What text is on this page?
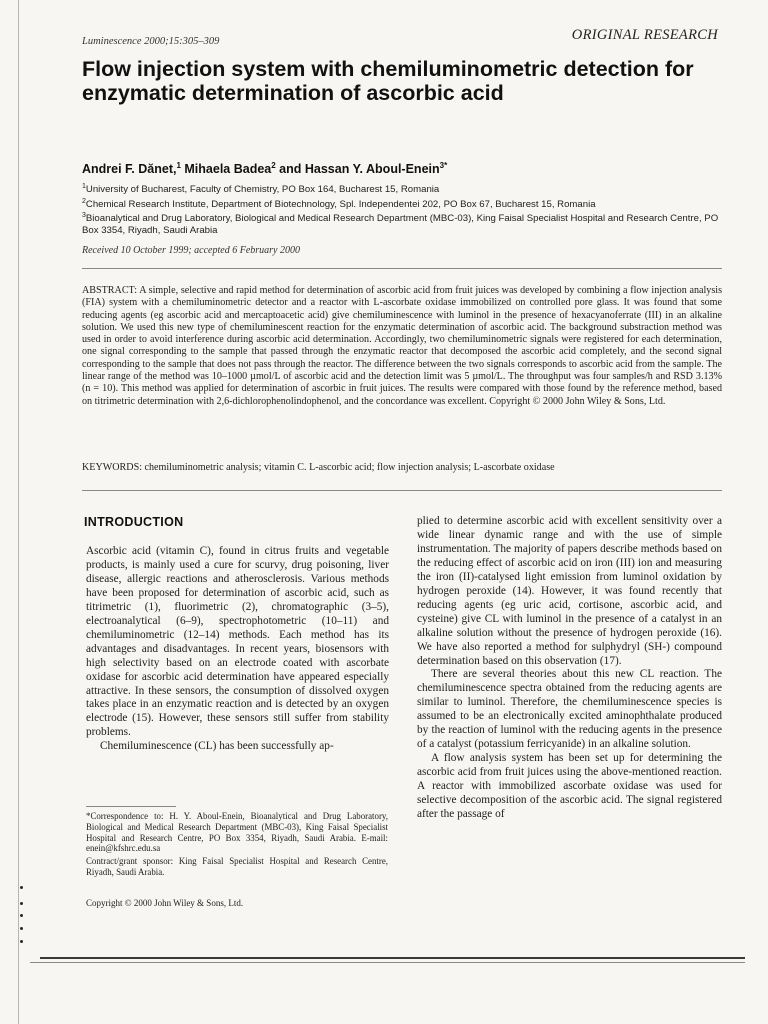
Luminescence 2000;15:305–309	ORIGINAL RESEARCH
Flow injection system with chemiluminometric detection for enzymatic determination of ascorbic acid
Andrei F. Dănet,$^1$ Mihaela Badea$^2$ and Hassan Y. Aboul-Enein$^{3*}$
$^1$University of Bucharest, Faculty of Chemistry, PO Box 164, Bucharest 15, Romania
$^2$Chemical Research Institute, Department of Biotechnology, Spl. Independentei 202, PO Box 67, Bucharest 15, Romania
$^3$Bioanalytical and Drug Laboratory, Biological and Medical Research Department (MBC-03), King Faisal Specialist Hospital and Research Centre, PO Box 3354, Riyadh, Saudi Arabia
Received 10 October 1999; accepted 6 February 2000

ABSTRACT: A simple, selective and rapid method for determination of ascorbic acid from fruit juices was developed by combining a flow injection analysis (FIA) system with a chemiluminometric detector and a reactor with L-ascorbate oxidase immobilized on controlled pore glass. It was found that some reducing agents (eg ascorbic acid and mercaptoacetic acid) give chemiluminescence with luminol in the presence of hexacyanoferrate (III) in an alkaline solution. We used this new type of chemiluminescent reaction for the enzymatic determination of ascorbic acid. The background substraction method was used in order to avoid interference during ascorbic acid determination. Accordingly, two chemiluminometric signals were registered for each determination, one signal corresponding to the sample that passed through the enzymatic reactor that decomposed the ascorbic acid completely, and the second signal corresponding to the sample that does not pass through the reactor. The difference between the two signals corresponds to ascorbic acid from the sample. The linear range of the method was 10–1000 µmol/L of ascorbic acid and the detection limit was 5 µmol/L. The throughput was four samples/h and RSD 3.13% (n = 10). This method was applied for determination of ascorbic in fruit juices. The results were compared with those found by the reference method, based on titrimetric determination with 2,6-dichlorophenolindophenol, and the concordance was excellent. Copyright © 2000 John Wiley & Sons, Ltd.

KEYWORDS: chemiluminometric analysis; vitamin C. L-ascorbic acid; flow injection analysis; L-ascorbate oxidase
INTRODUCTION

Ascorbic acid (vitamin C), found in citrus fruits and vegetable products, is mainly used a cure for scurvy, drug poisoning, liver disease, allergic reactions and atherosclerosis. Various methods have been proposed for determination of ascorbic acid, such as titrimetric (1), fluorimetric (2), chromatographic (3–5), electroanalytical (6–9), spectrophotometric (10–11) and chemiluminometric (12–14) methods. Each method has its advantages and disadvantages. In recent years, biosensors with high selectivity based on an electrode coated with ascorbate oxidase for ascorbic acid determination have appeared especially attractive. In these sensors, the consumption of dissolved oxygen takes place in an enzymatic reaction and is detected by an oxygen electrode (15). However, these sensors still suffer from stability problems.

Chemiluminescence (CL) has been successfully ap-

plied to determine ascorbic acid with excellent sensitivity over a wide linear dynamic range and with the use of simple instrumentation. The majority of papers describe methods based on the reducing effect of ascorbic acid on iron (III) ion and measuring the iron (II)-catalysed light emission from luminol oxidation by hydrogen peroxide (14). However, it was found recently that reducing agents (eg uric acid, cortisone, ascorbic acid, and cysteine) give CL with luminol in the presence of a catalyst in an alkaline solution without the presence of hydrogen peroxide (16). We have also reported a method for sulphydryl (SH-) compound determination based on this observation (17).

There are several theories about this new CL reaction. The chemiluminescence spectra obtained from the reducing agents are similar to luminol. Therefore, the chemiluminescence species is assumed to be an electronically excited aminophthalate produced by the reaction of luminol with the reducing agents in the presence of a catalyst (potassium ferricyanide) in an alkaline solution.

A flow analysis system has been set up for determining the ascorbic acid from fruit juices using the above-mentioned reaction. A reactor with immobilized ascorbate oxidase was used for selective decomposition of the ascorbic acid. The signal registered after the passage of

*Correspondence to: H. Y. Aboul-Enein, Bioanalytical and Drug Laboratory, Biological and Medical Research Department (MBC-03), King Faisal Specialist Hospital and Research Centre, PO Box 3354, Riyadh, Saudi Arabia. E-mail: enein@kfshrc.edu.sa

Contract/grant sponsor: King Faisal Specialist Hospital and Research Centre, Riyadh, Saudi Arabia.

Copyright © 2000 John Wiley & Sons, Ltd.
